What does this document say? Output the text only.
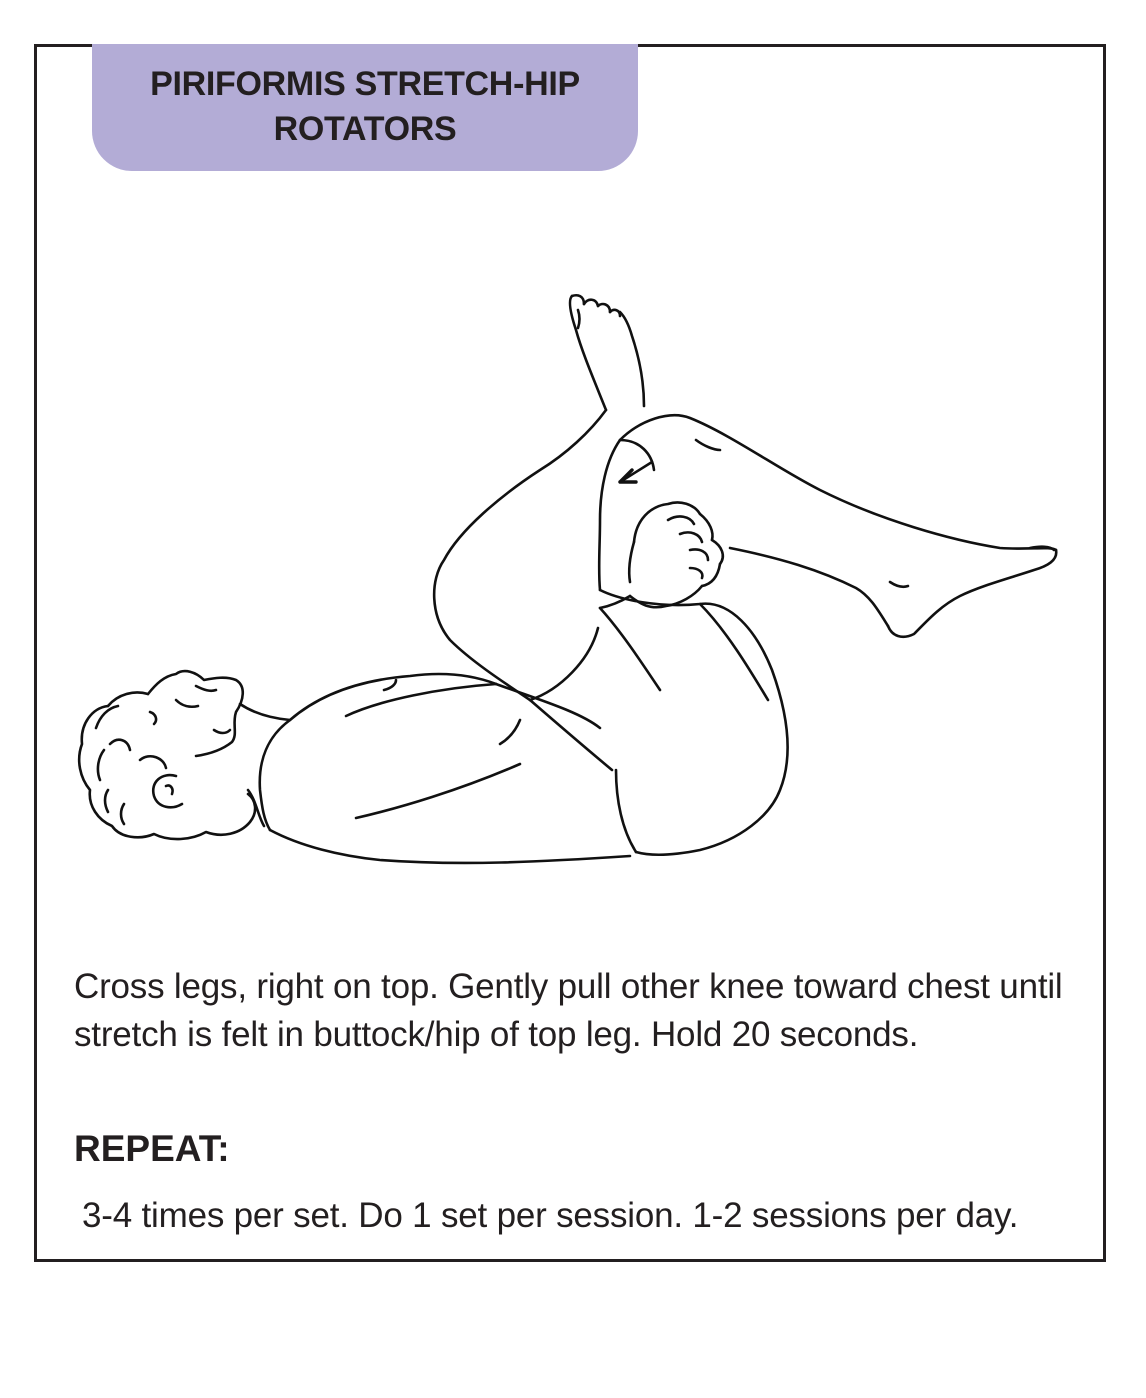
PIRIFORMIS STRETCH-HIP ROTATORS
Cross legs, right on top. Gently pull other knee toward chest until stretch is felt in buttock/hip of top leg. Hold 20 seconds.
REPEAT:
3-4 times per set. Do 1 set per session. 1-2 sessions per day.
